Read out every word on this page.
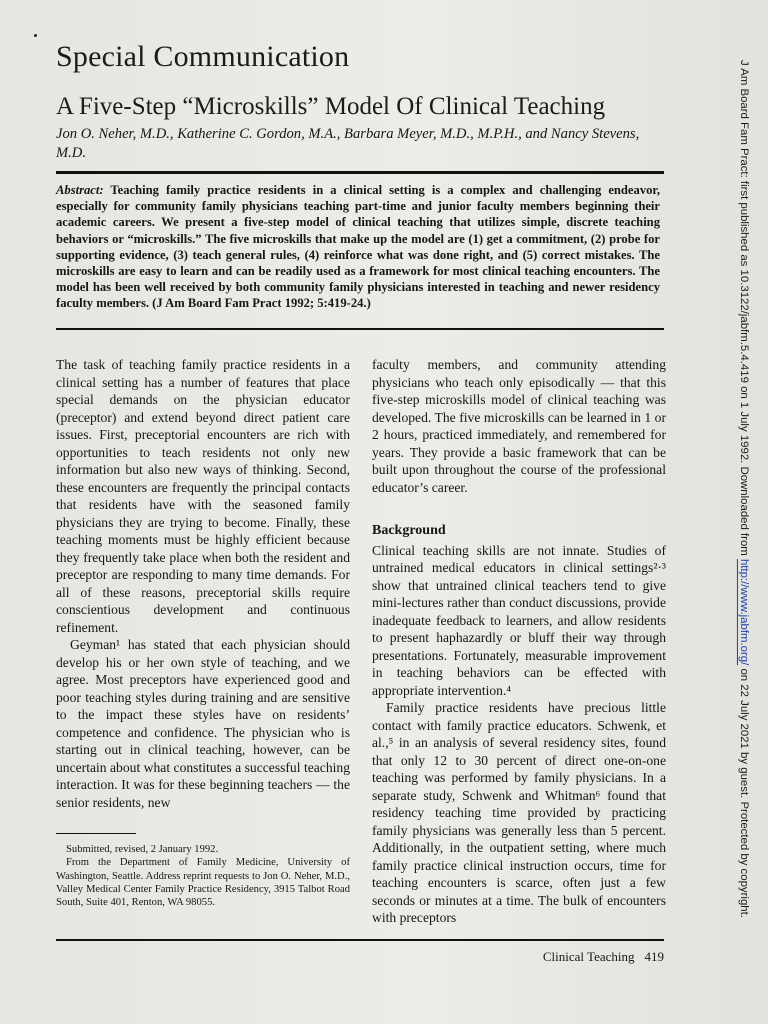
Special Communication
A Five-Step “Microskills” Model Of Clinical Teaching
Jon O. Neher, M.D., Katherine C. Gordon, M.A., Barbara Meyer, M.D., M.P.H., and Nancy Stevens, M.D.
Abstract: Teaching family practice residents in a clinical setting is a complex and challenging endeavor, especially for community family physicians teaching part-time and junior faculty members beginning their academic careers. We present a five-step model of clinical teaching that utilizes simple, discrete teaching behaviors or “microskills.” The five microskills that make up the model are (1) get a commitment, (2) probe for supporting evidence, (3) teach general rules, (4) reinforce what was done right, and (5) correct mistakes. The microskills are easy to learn and can be readily used as a framework for most clinical teaching encounters. The model has been well received by both community family physicians interested in teaching and newer residency faculty members. (J Am Board Fam Pract 1992; 5:419-24.)

The task of teaching family practice residents in a clinical setting has a number of features that place special demands on the physician educator (preceptor) and extend beyond direct patient care issues. First, preceptorial encounters are rich with opportunities to teach residents not only new information but also new ways of thinking. Second, these encounters are frequently the principal contacts that residents have with the seasoned family physicians they are trying to become. Finally, these teaching moments must be highly efficient because they frequently take place when both the resident and preceptor are responding to many time demands. For all of these reasons, preceptorial skills require conscientious development and continuous refinement.

Geyman¹ has stated that each physician should develop his or her own style of teaching, and we agree. Most preceptors have experienced good and poor teaching styles during training and are sensitive to the impact these styles have on residents’ competence and confidence. The physician who is starting out in clinical teaching, however, can be uncertain about what constitutes a successful teaching interaction. It was for these beginning teachers — the senior residents, new

faculty members, and community attending physicians who teach only episodically — that this five-step microskills model of clinical teaching was developed. The five microskills can be learned in 1 or 2 hours, practiced immediately, and remembered for years. They provide a basic framework that can be built upon throughout the course of the professional educator’s career.

Background

Clinical teaching skills are not innate. Studies of untrained medical educators in clinical settings²·³ show that untrained clinical teachers tend to give mini-lectures rather than conduct discussions, provide inadequate feedback to learners, and allow residents to present haphazardly or bluff their way through presentations. Fortunately, measurable improvement in teaching behaviors can be effected with appropriate intervention.⁴

Family practice residents have precious little contact with family practice educators. Schwenk, et al.,⁵ in an analysis of several residency sites, found that only 12 to 30 percent of direct one-on-one teaching was performed by family physicians. In a separate study, Schwenk and Whitman⁶ found that residency teaching time provided by practicing family physicians was generally less than 5 percent. Additionally, in the outpatient setting, where much family practice clinical instruction occurs, time for teaching encounters is scarce, often just a few seconds or minutes at a time. The bulk of encounters with preceptors

Submitted, revised, 2 January 1992.

From the Department of Family Medicine, University of Washington, Seattle. Address reprint requests to Jon O. Neher, M.D., Valley Medical Center Family Practice Residency, 3915 Talbot Road South, Suite 401, Renton, WA 98055.

Clinical Teaching 419
J Am Board Fam Pract: first published as 10.3122/jabfm.5.4.419 on 1 July 1992. Downloaded from http://www.jabfm.org/ on 22 July 2021 by guest. Protected by copyright.
